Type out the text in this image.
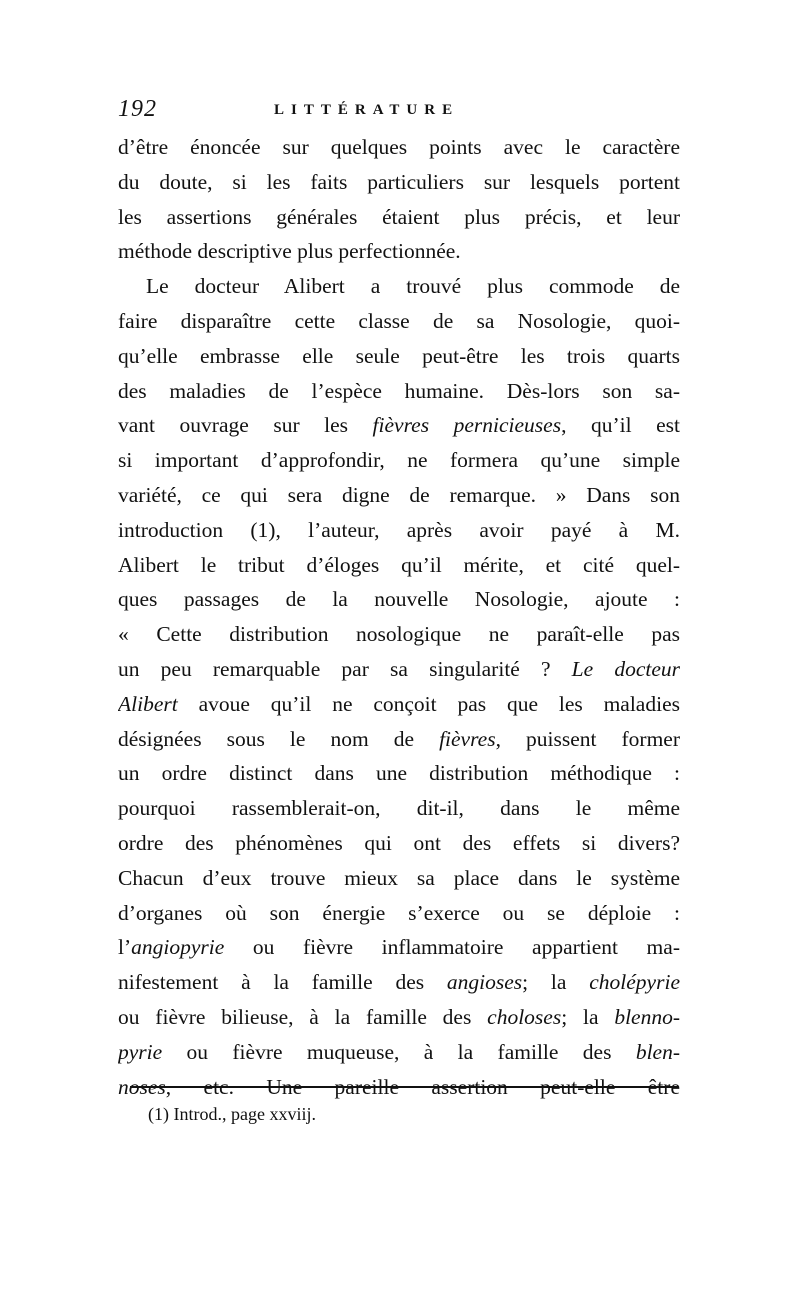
192	LITTÉRATURE
d’être énoncée sur quelques points avec le caractère
du doute, si les faits particuliers sur lesquels portent
les assertions générales étaient plus précis, et leur
méthode descriptive plus perfectionnée.
Le docteur Alibert a trouvé plus commode de
faire disparaître cette classe de sa Nosologie, quoi-
qu’elle embrasse elle seule peut-être les trois quarts
des maladies de l’espèce humaine. Dès-lors son sa-
vant ouvrage sur les fièvres pernicieuses, qu’il est
si important d’approfondir, ne formera qu’une simple
variété, ce qui sera digne de remarque. » Dans son
introduction (1), l’auteur, après avoir payé à M.
Alibert le tribut d’éloges qu’il mérite, et cité quel-
ques passages de la nouvelle Nosologie, ajoute :
« Cette distribution nosologique ne paraît-elle pas
un peu remarquable par sa singularité ? Le docteur
Alibert avoue qu’il ne conçoit pas que les maladies
désignées sous le nom de fièvres, puissent former
un ordre distinct dans une distribution méthodique :
pourquoi rassemblerait-on, dit-il, dans le même
ordre des phénomènes qui ont des effets si divers?
Chacun d’eux trouve mieux sa place dans le système
d’organes où son énergie s’exerce ou se déploie :
l’angiopyrie ou fièvre inflammatoire appartient ma-
nifestement à la famille des angioses; la cholépyrie
ou fièvre bilieuse, à la famille des choloses; la blenno-
pyrie ou fièvre muqueuse, à la famille des blen-
noses, etc. Une pareille assertion peut-elle être
(1) Introd., page xxviij.
